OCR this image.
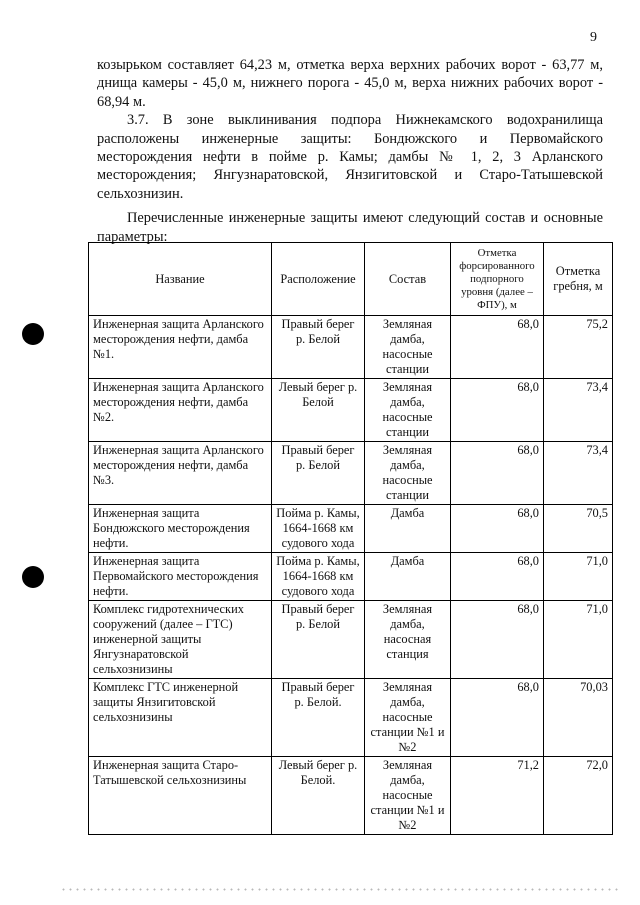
9

козырьком составляет 64,23 м, отметка верха верхних рабочих ворот - 63,77 м, днища камеры - 45,0 м, нижнего порога - 45,0 м, верха нижних рабочих ворот - 68,94 м.

3.7. В зоне выклинивания подпора Нижнекамского водохранилища расположены инженерные защиты: Бондюжского и Первомайского месторождения нефти в пойме р. Камы; дамбы № 1, 2, 3 Арланского месторождения; Янгузнаратовской, Янзигитовской и Старо-Татышевской сельхознизин.

Перечисленные инженерные защиты имеют следующий состав и основные параметры:

Название	Расположение	Состав	Отметка форсированного подпорного уровня (далее – ФПУ), м	Отметка гребня, м
Инженерная защита Арланского месторождения нефти, дамба №1.	Правый берег р. Белой	Земляная дамба, насосные станции	68,0	75,2
Инженерная защита Арланского месторождения нефти, дамба №2.	Левый берег р. Белой	Земляная дамба, насосные станции	68,0	73,4
Инженерная защита Арланского месторождения нефти, дамба №3.	Правый берег р. Белой	Земляная дамба, насосные станции	68,0	73,4
Инженерная защита Бондюжского месторождения нефти.	Пойма р. Камы, 1664-1668 км судового хода	Дамба	68,0	70,5
Инженерная защита Первомайского месторождения нефти.	Пойма р. Камы, 1664-1668 км судового хода	Дамба	68,0	71,0
Комплекс гидротехнических сооружений (далее – ГТС) инженерной защиты Янгузнаратовской сельхознизины	Правый берег р. Белой	Земляная дамба, насосная станция	68,0	71,0
Комплекс ГТС инженерной защиты Янзигитовской сельхознизины	Правый берег р. Белой.	Земляная дамба, насосные станции №1 и №2	68,0	70,03
Инженерная защита Старо-Татышевской сельхознизины	Левый берег р. Белой.	Земляная дамба, насосные станции №1 и №2	71,2	72,0
